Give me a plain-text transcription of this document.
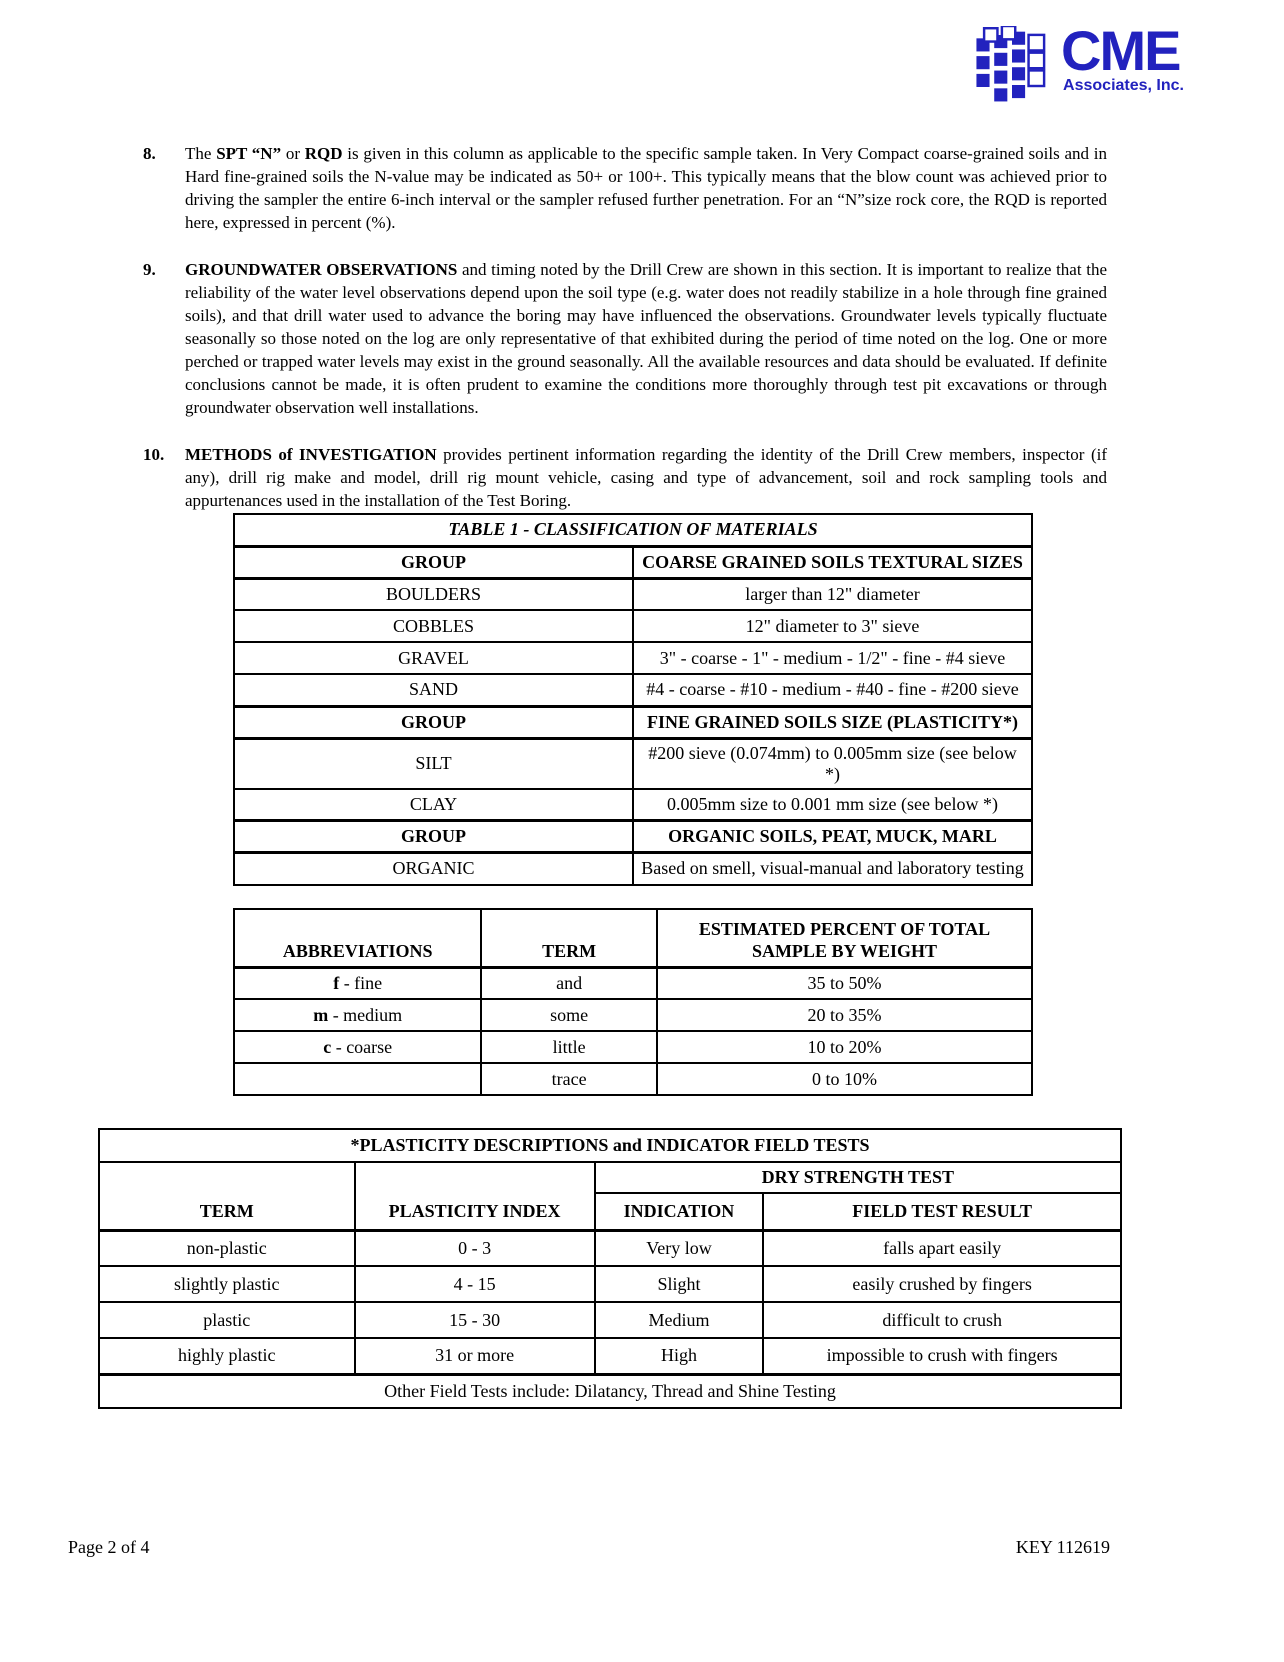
CME
Associates, Inc.
8.	The SPT “N” or RQD is given in this column as applicable to the specific sample taken. In Very Compact coarse-grained soils and in Hard fine-grained soils the N-value may be indicated as 50+ or 100+. This typically means that the blow count was achieved prior to driving the sampler the entire 6-inch interval or the sampler refused further penetration. For an “N”size rock core, the RQD is reported here, expressed in percent (%).
9.	GROUNDWATER OBSERVATIONS and timing noted by the Drill Crew are shown in this section. It is important to realize that the reliability of the water level observations depend upon the soil type (e.g. water does not readily stabilize in a hole through fine grained soils), and that drill water used to advance the boring may have influenced the observations. Groundwater levels typically fluctuate seasonally so those noted on the log are only representative of that exhibited during the period of time noted on the log. One or more perched or trapped water levels may exist in the ground seasonally. All the available resources and data should be evaluated. If definite conclusions cannot be made, it is often prudent to examine the conditions more thoroughly through test pit excavations or through groundwater observation well installations.
10.	METHODS of INVESTIGATION provides pertinent information regarding the identity of the Drill Crew members, inspector (if any), drill rig make and model, drill rig mount vehicle, casing and type of advancement, soil and rock sampling tools and appurtenances used in the installation of the Test Boring.
TABLE 1 - CLASSIFICATION OF MATERIALS	
GROUP	COARSE GRAINED SOILS TEXTURAL SIZES
BOULDERS	larger than 12" diameter
COBBLES	12" diameter to 3" sieve
GRAVEL	3" - coarse - 1" - medium - 1/2" - fine - #4 sieve
SAND	#4 - coarse - #10 - medium - #40 - fine - #200 sieve
GROUP	FINE GRAINED SOILS SIZE (PLASTICITY*)
SILT	#200 sieve (0.074mm) to 0.005mm size (see below *)
CLAY	0.005mm size to 0.001 mm size (see below *)
GROUP	ORGANIC SOILS, PEAT, MUCK, MARL
ORGANIC	Based on smell, visual-manual and laboratory testing
ABBREVIATIONS	TERM	ESTIMATED PERCENT OF TOTAL SAMPLE BY WEIGHT
f - fine	and	35 to 50%
m - medium	some	20 to 35%
c - coarse	little	10 to 20%
	trace	0 to 10%
*PLASTICITY DESCRIPTIONS and INDICATOR FIELD TESTS			
TERM	PLASTICITY INDEX	DRY STRENGTH TEST	
		INDICATION	FIELD TEST RESULT
non-plastic	0 - 3	Very low	falls apart easily
slightly plastic	4 - 15	Slight	easily crushed by fingers
plastic	15 - 30	Medium	difficult to crush
highly plastic	31 or more	High	impossible to crush with fingers
Other Field Tests include: Dilatancy, Thread and Shine Testing			
Page 2 of 4	KEY 112619
